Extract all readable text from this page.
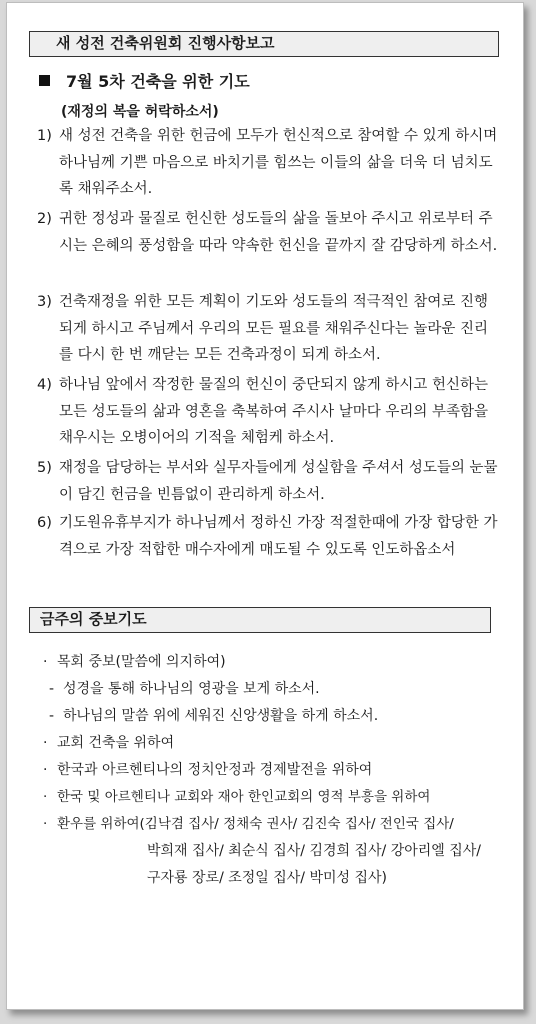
새 성전 건축위원회 진행사항보고
7월 5차 건축을 위한 기도
(재정의 복을 허락하소서)
1) 새 성전 건축을 위한 헌금에 모두가 헌신적으로 참여할 수 있게 하시며 하나님께 기쁜 마음으로 바치기를 힘쓰는 이들의 삶을 더욱 더 넘치도록 채워주소서.
2) 귀한 정성과 물질로 헌신한 성도들의 삶을 돌보아 주시고 위로부터 주시는 은혜의 풍성함을 따라 약속한 헌신을 끝까지 잘 감당하게 하소서.
3) 건축재정을 위한 모든 계획이 기도와 성도들의 적극적인 참여로 진행되게 하시고 주님께서 우리의 모든 필요를 채워주신다는 놀라운 진리를 다시 한 번 깨닫는 모든 건축과정이 되게 하소서.
4) 하나님 앞에서 작정한 물질의 헌신이 중단되지 않게 하시고 헌신하는 모든 성도들의 삶과 영혼을 축복하여 주시사 날마다 우리의 부족함을 채우시는 오병이어의 기적을 체험케 하소서.
5) 재정을 담당하는 부서와 실무자들에게 성실함을 주셔서 성도들의 눈물이 담긴 헌금을 빈틈없이 관리하게 하소서.
6) 기도원유휴부지가 하나님께서 정하신 가장 적절한때에 가장 합당한 가격으로 가장 적합한 매수자에게 매도될 수 있도록 인도하옵소서
금주의 중보기도
· 목회 중보(말씀에 의지하여)
- 성경을 통해 하나님의 영광을 보게 하소서.
- 하나님의 말씀 위에 세워진 신앙생활을 하게 하소서.
· 교회 건축을 위하여
· 한국과 아르헨티나의 정치안정과 경제발전을 위하여
· 한국 및 아르헨티나 교회와 재아 한인교회의 영적 부흥을 위하여
· 환우를 위하여(김낙겸 집사/ 정채숙 권사/ 김진숙 집사/ 전인국 집사/
박희재 집사/ 최순식 집사/ 김경희 집사/ 강아리엘 집사/
구자룡 장로/ 조정일 집사/ 박미성 집사)
